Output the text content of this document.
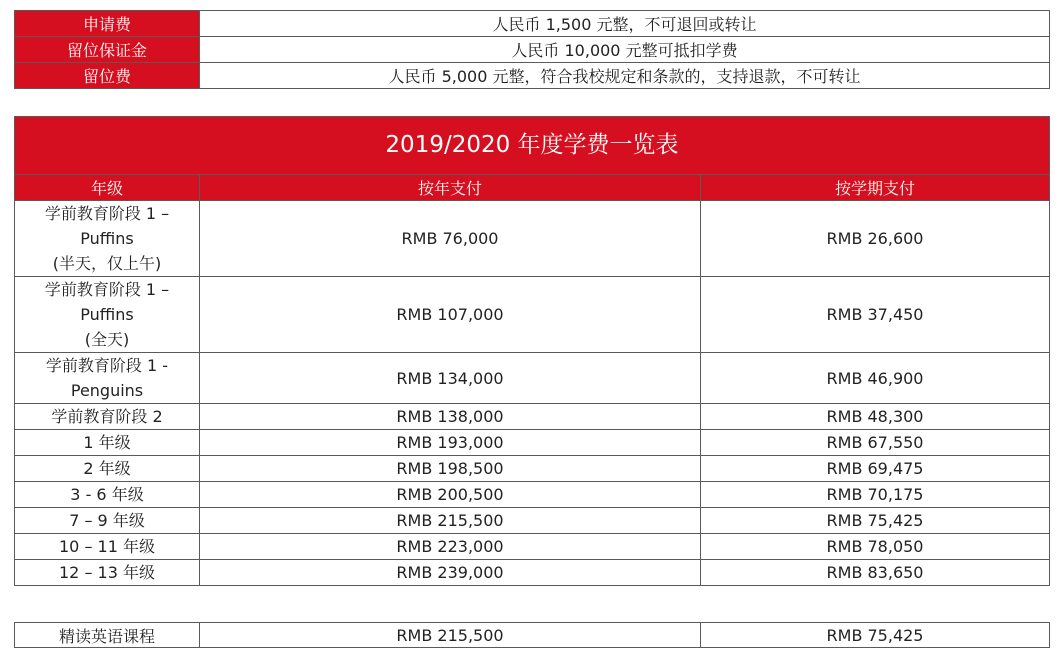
申请费	人民币 1,500 元整，不可退回或转让
留位保证金	人民币 10,000 元整可抵扣学费
留位费	人民币 5,000 元整，符合我校规定和条款的，支持退款，不可转让
2019/2020 年度学费一览表		
年级	按年支付	按学期支付
学前教育阶段 1 –
Puffins
(半天，仅上午)	RMB 76,000	RMB 26,600
学前教育阶段 1 –
Puffins
(全天)	RMB 107,000	RMB 37,450
学前教育阶段 1 -
Penguins	RMB 134,000	RMB 46,900
学前教育阶段 2	RMB 138,000	RMB 48,300
1 年级	RMB 193,000	RMB 67,550
2 年级	RMB 198,500	RMB 69,475
3 - 6 年级	RMB 200,500	RMB 70,175
7 – 9 年级	RMB 215,500	RMB 75,425
10 – 11 年级	RMB 223,000	RMB 78,050
12 – 13 年级	RMB 239,000	RMB 83,650
精读英语课程	RMB 215,500	RMB 75,425
